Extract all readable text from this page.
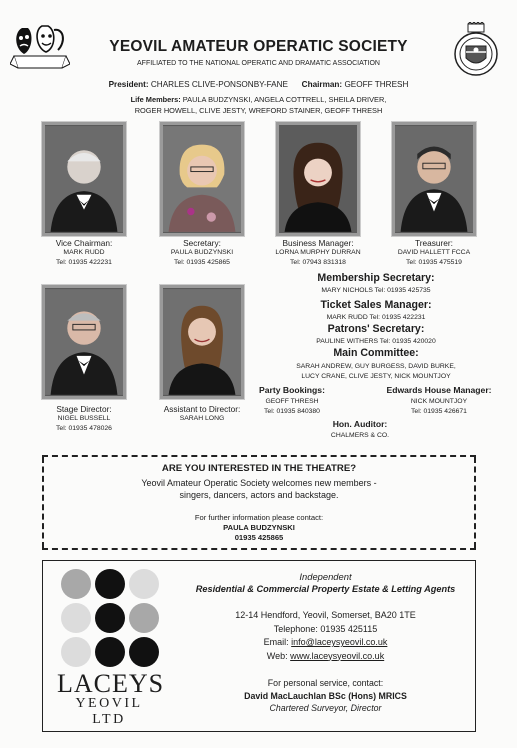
YEOVIL AMATEUR OPERATIC SOCIETY
AFFILIATED TO THE NATIONAL OPERATIC AND DRAMATIC ASSOCIATION
President: CHARLES CLIVE-PONSONBY-FANE Chairman: GEOFF THRESH
Life Members: PAULA BUDZYNSKI, ANGELA COTTRELL, SHEILA DRIVER,
ROGER HOWELL, CLIVE JESTY, WREFORD STAINER, GEOFF THRESH
Vice Chairman:
MARK RUDD
Tel: 01935 422231
Secretary:
PAULA BUDZYNSKI
Tel: 01935 425865
Business Manager:
LORNA MURPHY DURRAN
Tel: 07943 831318
Treasurer:
DAVID HALLETT FCCA
Tel: 01935 475519
Stage Director:
NIGEL BUSSELL
Tel: 01935 478026
Assistant to Director:
SARAH LONG
Membership Secretary:
MARY NICHOLS Tel: 01935 425735
Ticket Sales Manager:
MARK RUDD Tel: 01935 422231
Patrons' Secretary:
PAULINE WITHERS Tel: 01935 420020
Main Committee:
SARAH ANDREW, GUY BURGESS, DAVID BURKE,
LUCY CRANE, CLIVE JESTY, NICK MOUNTJOY
Party Bookings:
GEOFF THRESH
Tel: 01935 840380
Edwards House Manager:
NICK MOUNTJOY
Tel: 01935 426671
Hon. Auditor:
CHALMERS & CO.
ARE YOU INTERESTED IN THE THEATRE?
Yeovil Amateur Operatic Society welcomes new members -
singers, dancers, actors and backstage.
For further information please contact:
PAULA BUDZYNSKI
01935 425865
LACEYS
YEOVIL LTD
Independent
Residential & Commercial Property Estate & Letting Agents
12-14 Hendford, Yeovil, Somerset, BA20 1TE
Telephone: 01935 425115
Email: info@laceysyeovil.co.uk
Web: www.laceysyeovil.co.uk
For personal service, contact:
David MacLauchlan BSc (Hons) MRICS
Chartered Surveyor, Director
